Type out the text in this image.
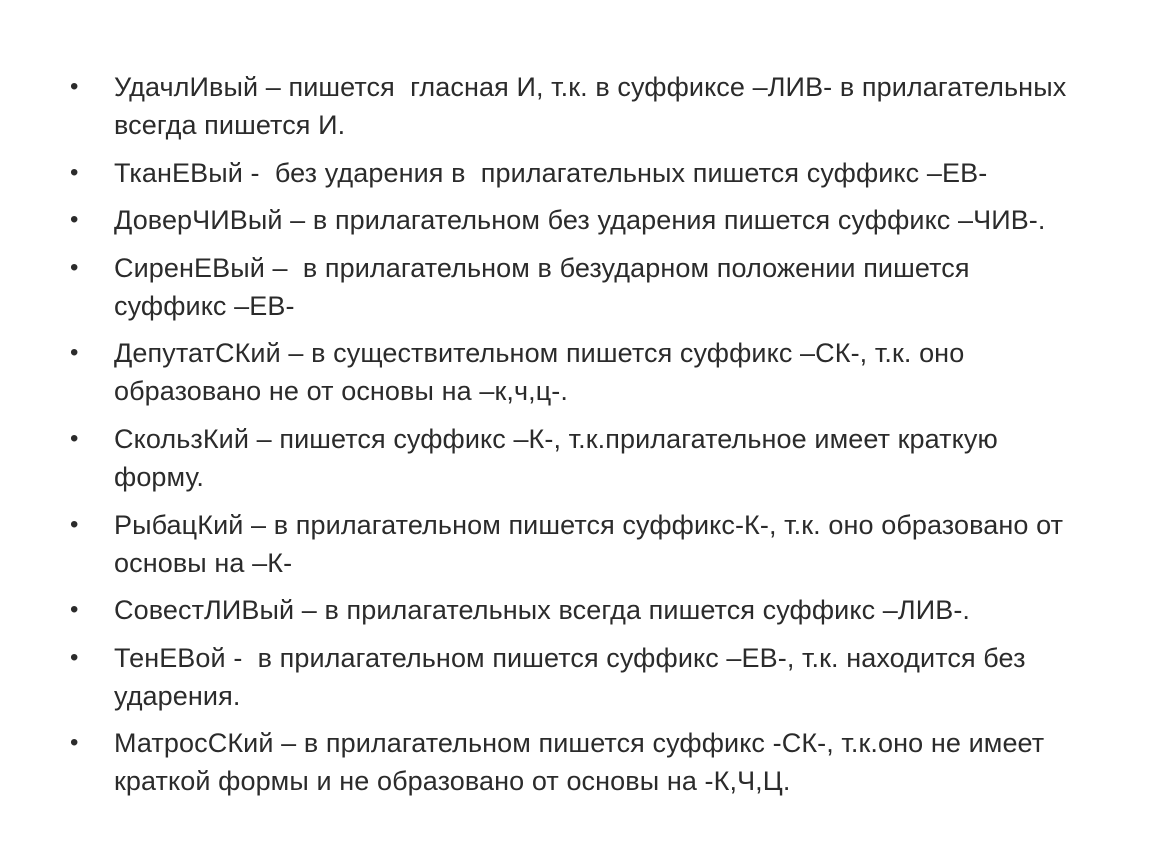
•	УдачлИвый – пишется  гласная И, т.к. в суффиксе –ЛИВ- в прилагательных всегда пишется И.
•	ТканЕВый -  без ударения в  прилагательных пишется суффикс –ЕВ-
•	ДоверЧИВый – в прилагательном без ударения пишется суффикс –ЧИВ-.
•	СиренЕВый –  в прилагательном в безударном положении пишется суффикс –ЕВ-
•	ДепутатСКий – в существительном пишется суффикс –СК-, т.к. оно образовано не от основы на –к,ч,ц-.
•	СкользКий – пишется суффикс –К-, т.к.прилагательное имеет краткую форму.
•	РыбацКий – в прилагательном пишется суффикс-К-, т.к. оно образовано от основы на –К-
•	СовестЛИВый – в прилагательных всегда пишется суффикс –ЛИВ-.
•	ТенЕВой -  в прилагательном пишется суффикс –ЕВ-, т.к. находится без ударения.
•	МатросСКий – в прилагательном пишется суффикс -СК-, т.к.оно не имеет краткой формы и не образовано от основы на -К,Ч,Ц.
